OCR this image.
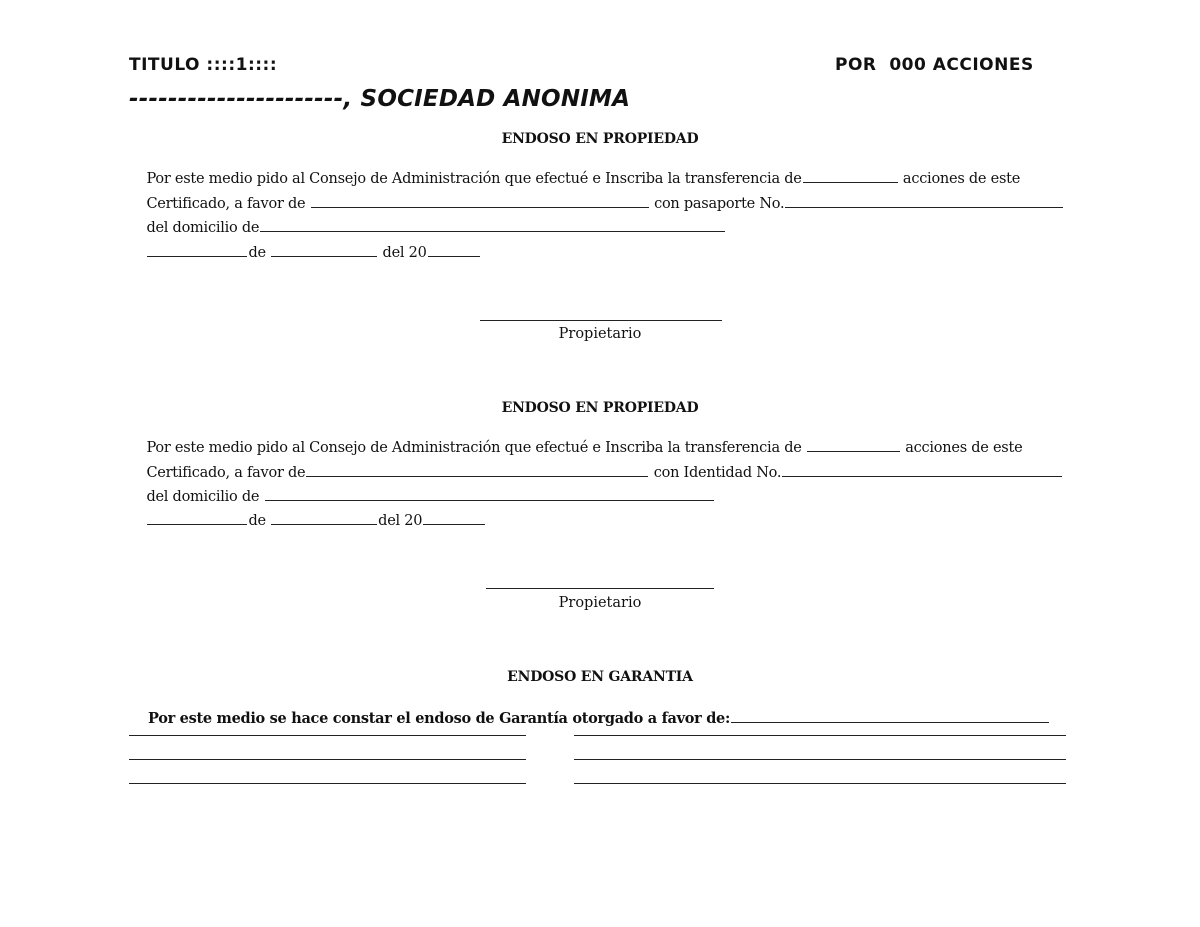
TITULO ::::1::::	POR  000 ACCIONES
----------------------, SOCIEDAD ANONIMA
ENDOSO EN PROPIEDAD

Por este medio pido al Consejo de Administración que efectué e Inscriba la transferencia de	acciones de este

Certificado, a favor de	con pasaporte No.

del domicilio de

de	del 20

Propietario
ENDOSO EN PROPIEDAD

Por este medio pido al Consejo de Administración que efectué e Inscriba la transferencia de	acciones de este

Certificado, a favor de	con Identidad No.

del domicilio de

de	del 20

Propietario
ENDOSO EN GARANTIA

Por este medio se hace constar el endoso de Garantía otorgado a favor de:
